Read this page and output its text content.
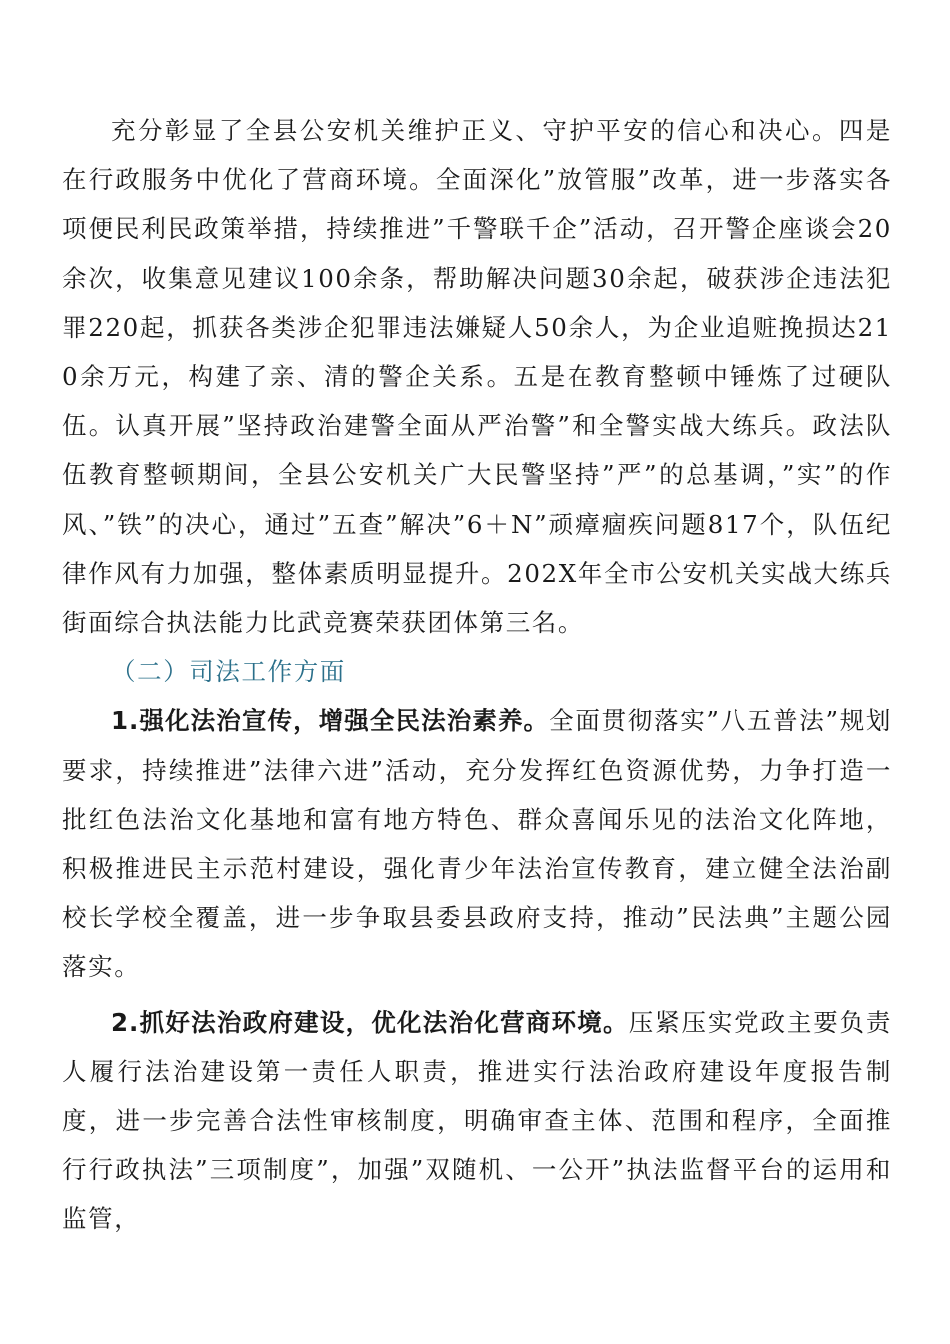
充分彰显了全县公安机关维护正义、守护平安的信心和决心。四是在行政服务中优化了营商环境。全面深化”放管服”改革，进一步落实各项便民利民政策举措，持续推进”千警联千企”活动，召开警企座谈会20余次，收集意见建议100余条，帮助解决问题30余起，破获涉企违法犯罪220起，抓获各类涉企犯罪违法嫌疑人50余人，为企业追赃挽损达210余万元，构建了亲、清的警企关系。五是在教育整顿中锤炼了过硬队伍。认真开展”坚持政治建警全面从严治警”和全警实战大练兵。政法队伍教育整顿期间，全县公安机关广大民警坚持”严”的总基调，”实”的作风、”铁”的决心，通过”五查”解决”6＋N”顽瘴痼疾问题817个，队伍纪律作风有力加强，整体素质明显提升。202X年全市公安机关实战大练兵街面综合执法能力比武竞赛荣获团体第三名。

（二）司法工作方面

1.强化法治宣传，增强全民法治素养。全面贯彻落实”八五普法”规划要求，持续推进”法律六进”活动，充分发挥红色资源优势，力争打造一批红色法治文化基地和富有地方特色、群众喜闻乐见的法治文化阵地，积极推进民主示范村建设，强化青少年法治宣传教育，建立健全法治副校长学校全覆盖，进一步争取县委县政府支持，推动”民法典”主题公园落实。

2.抓好法治政府建设，优化法治化营商环境。压紧压实党政主要负责人履行法治建设第一责任人职责，推进实行法治政府建设年度报告制度，进一步完善合法性审核制度，明确审查主体、范围和程序，全面推行行政执法”三项制度”，加强”双随机、一公开”执法监督平台的运用和监管，
